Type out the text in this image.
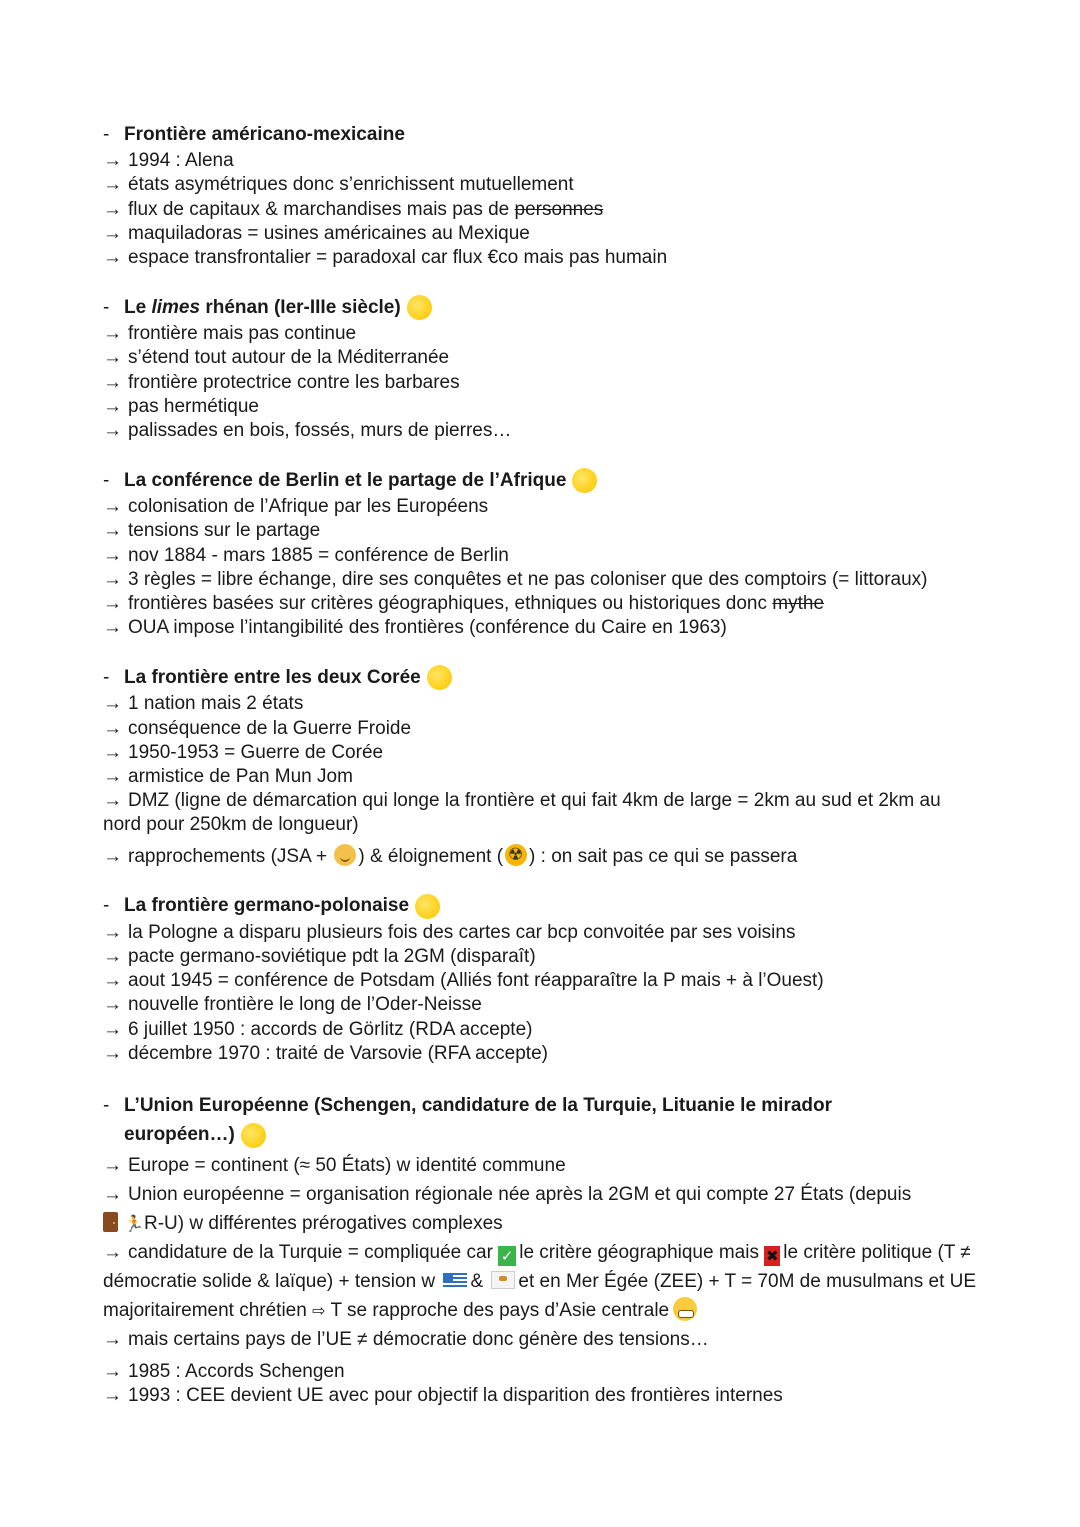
- Frontière américano-mexicaine
→ 1994 : Alena
→ états asymétriques donc s’enrichissent mutuellement
→ flux de capitaux & marchandises mais pas de personnes
→ maquiladoras = usines américaines au Mexique
→ espace transfrontalier = paradoxal car flux €co mais pas humain
- Le limes rhénan (Ier-IIIe siècle)
→ frontière mais pas continue
→ s’étend tout autour de la Méditerranée
→ frontière protectrice contre les barbares
→ pas hermétique
→ palissades en bois, fossés, murs de pierres…
- La conférence de Berlin et le partage de l’Afrique
→ colonisation de l’Afrique par les Européens
→ tensions sur le partage
→ nov 1884 - mars 1885 = conférence de Berlin
→ 3 règles = libre échange, dire ses conquêtes et ne pas coloniser que des comptoirs (= littoraux)
→ frontières basées sur critères géographiques, ethniques ou historiques donc mythe
→ OUA impose l’intangibilité des frontières (conférence du Caire en 1963)
- La frontière entre les deux Corée
→ 1 nation mais 2 états
→ conséquence de la Guerre Froide
→ 1950-1953 = Guerre de Corée
→ armistice de Pan Mun Jom
→ DMZ (ligne de démarcation qui longe la frontière et qui fait 4km de large = 2km au sud et 2km au nord pour 250km de longueur)
→ rapprochements (JSA + ) & éloignement (☢ ) : on sait pas ce qui se passera
- La frontière germano-polonaise
→ la Pologne a disparu plusieurs fois des cartes car bcp convoitée par ses voisins
→ pacte germano-soviétique pdt la 2GM (disparaît)
→ aout 1945 = conférence de Potsdam (Alliés font réapparaître la P mais + à l’Ouest)
→ nouvelle frontière le long de l’Oder-Neisse
→ 6 juillet 1950 : accords de Görlitz (RDA accepte)
→ décembre 1970 : traité de Varsovie (RFA accepte)
- L’Union Européenne (Schengen, candidature de la Turquie, Lituanie le mirador européen…)
→ Europe = continent (≈ 50 États) w identité commune
→ Union européenne = organisation régionale née après la 2GM et qui compte 27 États (depuis
🏃R-U) w différentes prérogatives complexes
→ candidature de la Turquie = compliquée car ✓ le critère géographique mais ✖ le critère politique (T ≠ démocratie solide & laïque) + tension w & et en Mer Égée (ZEE) + T = 70M de musulmans et UE majoritairement chrétien ⇨ T se rapproche des pays d’Asie centrale
→ mais certains pays de l’UE ≠ démocratie donc génère des tensions…
→ 1985 : Accords Schengen
→ 1993 : CEE devient UE avec pour objectif la disparition des frontières internes
